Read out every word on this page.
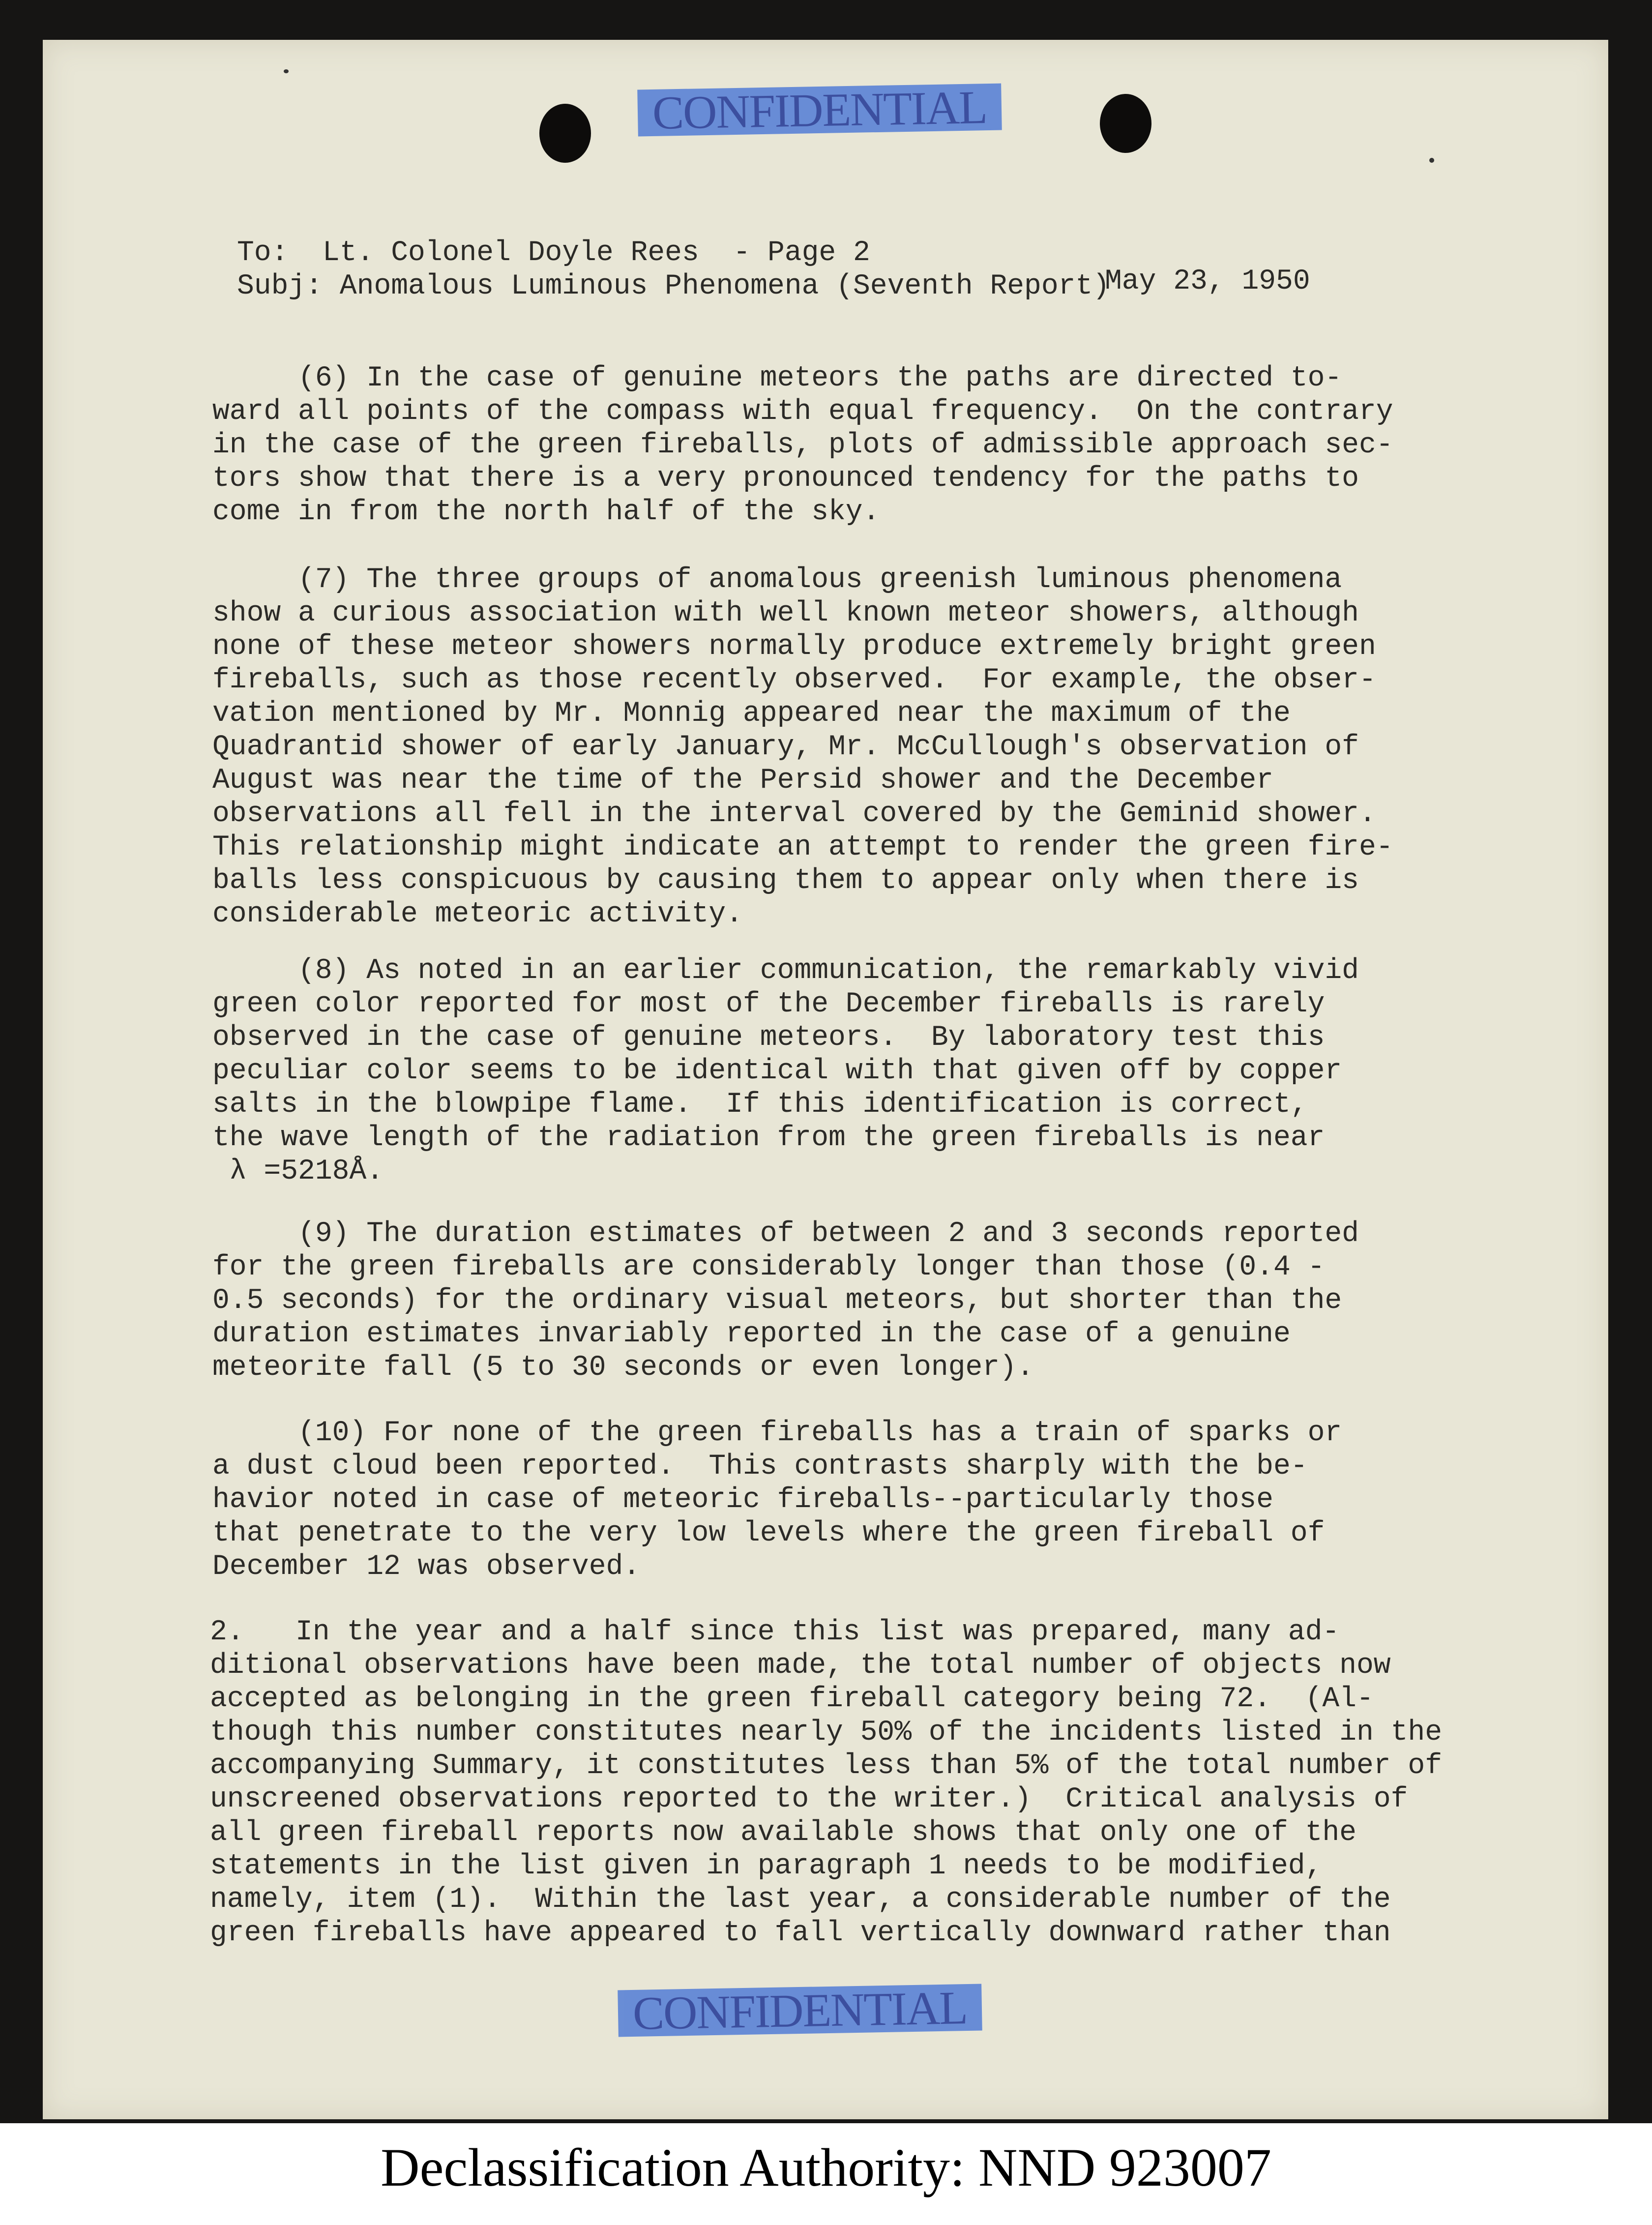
CONFIDENTIAL
CONFIDENTIAL
To:  Lt. Colonel Doyle Rees  - Page 2
Subj: Anomalous Luminous Phenomena (Seventh Report)
May 23, 1950
(6) In the case of genuine meteors the paths are directed to-
ward all points of the compass with equal frequency.  On the contrary
in the case of the green fireballs, plots of admissible approach sec-
tors show that there is a very pronounced tendency for the paths to
come in from the north half of the sky.
(7) The three groups of anomalous greenish luminous phenomena
show a curious association with well known meteor showers, although
none of these meteor showers normally produce extremely bright green
fireballs, such as those recently observed.  For example, the obser-
vation mentioned by Mr. Monnig appeared near the maximum of the
Quadrantid shower of early January, Mr. McCullough's observation of
August was near the time of the Persid shower and the December
observations all fell in the interval covered by the Geminid shower.
This relationship might indicate an attempt to render the green fire-
balls less conspicuous by causing them to appear only when there is
considerable meteoric activity.
(8) As noted in an earlier communication, the remarkably vivid
green color reported for most of the December fireballs is rarely
observed in the case of genuine meteors.  By laboratory test this
peculiar color seems to be identical with that given off by copper
salts in the blowpipe flame.  If this identification is correct,
the wave length of the radiation from the green fireballs is near
λ =5218Å.
(9) The duration estimates of between 2 and 3 seconds reported
for the green fireballs are considerably longer than those (0.4 -
0.5 seconds) for the ordinary visual meteors, but shorter than the
duration estimates invariably reported in the case of a genuine
meteorite fall (5 to 30 seconds or even longer).
(10) For none of the green fireballs has a train of sparks or
a dust cloud been reported.  This contrasts sharply with the be-
havior noted in case of meteoric fireballs--particularly those
that penetrate to the very low levels where the green fireball of
December 12 was observed.
2.   In the year and a half since this list was prepared, many ad-
ditional observations have been made, the total number of objects now
accepted as belonging in the green fireball category being 72.  (Al-
though this number constitutes nearly 50% of the incidents listed in the
accompanying Summary, it constitutes less than 5% of the total number of
unscreened observations reported to the writer.)  Critical analysis of
all green fireball reports now available shows that only one of the
statements in the list given in paragraph 1 needs to be modified,
namely, item (1).  Within the last year, a considerable number of the
green fireballs have appeared to fall vertically downward rather than
Declassification Authority: NND 923007
